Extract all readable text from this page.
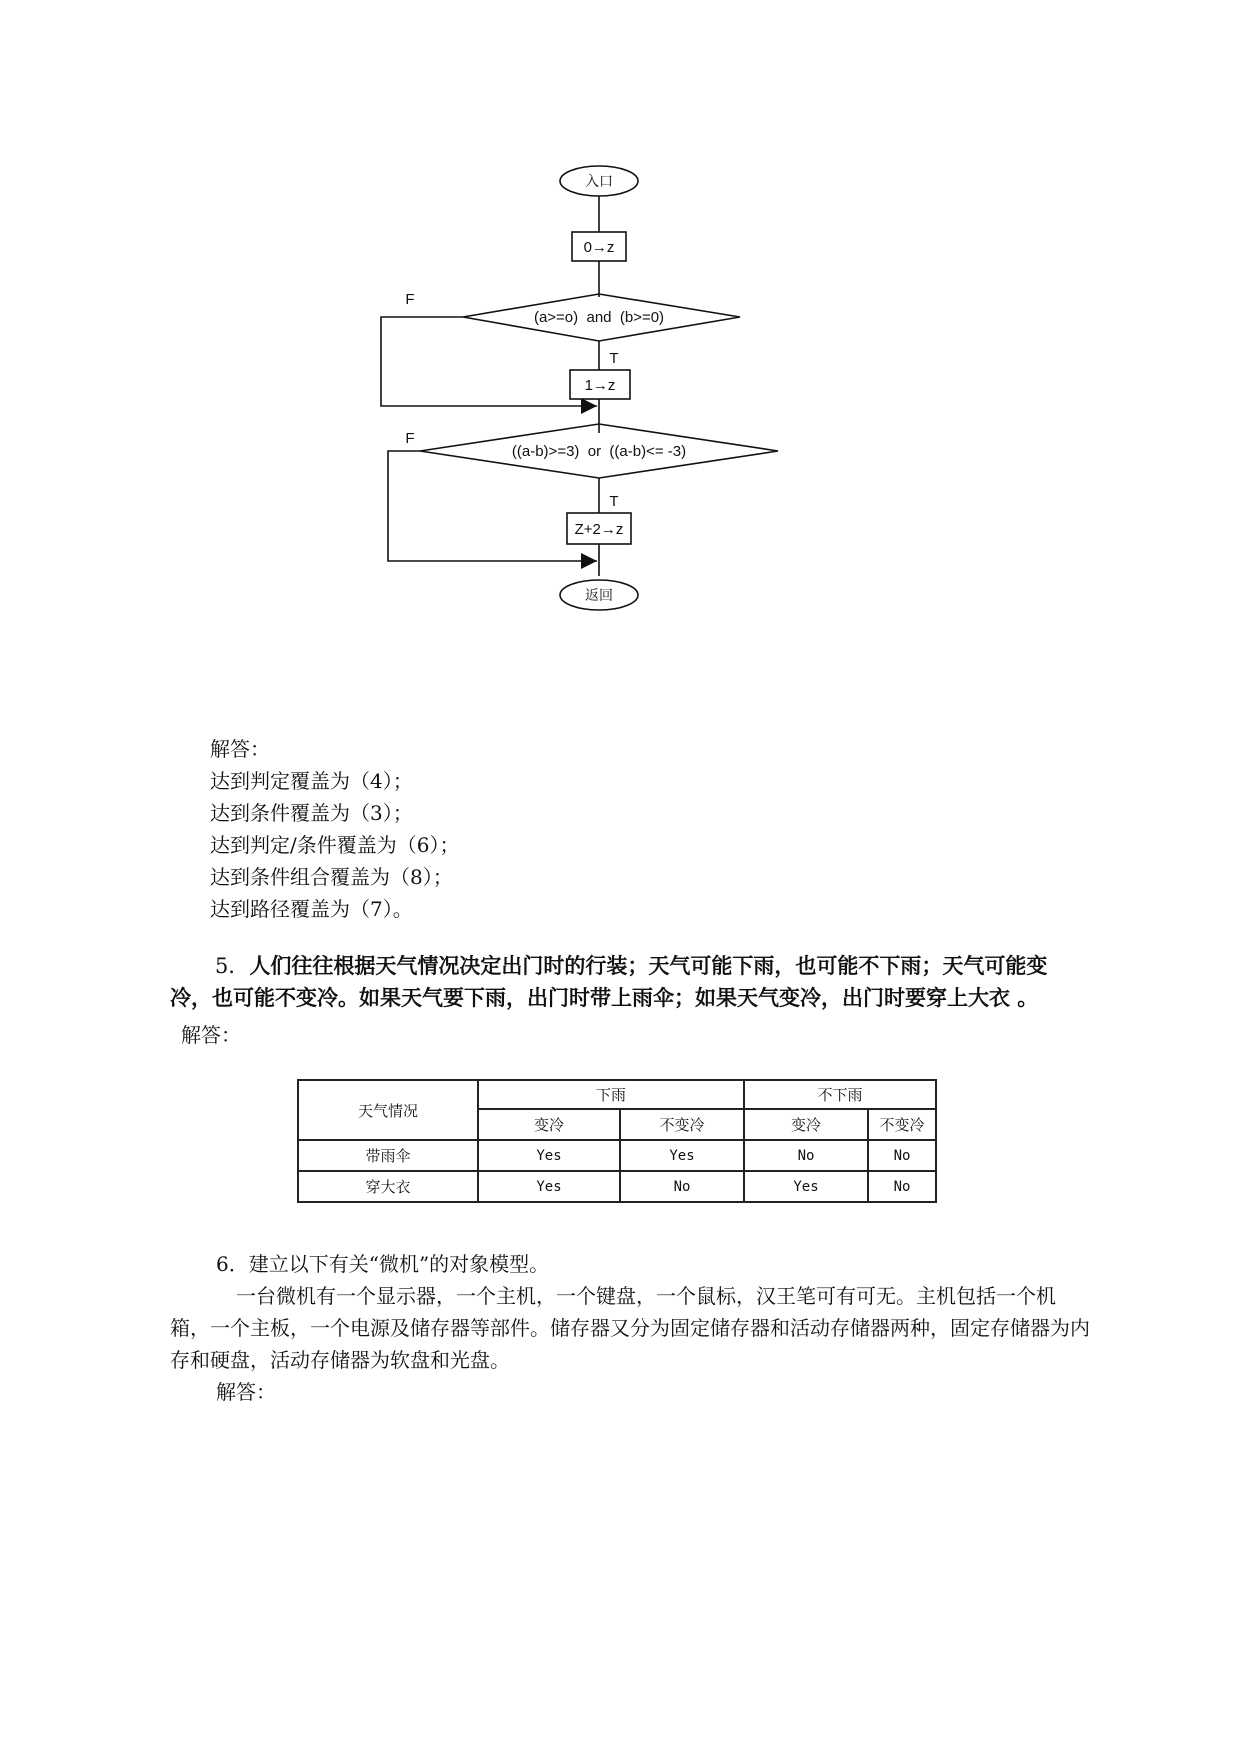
入口
0→z
(a>=o)  and  (b>=0)
F
T
1→z
((a-b)>=3)  or  ((a-b)<= -3)
F
T
Z+2→z
返回
解答：
达到判定覆盖为（4）；
达到条件覆盖为（3）；
达到判定/条件覆盖为（6）；
达到条件组合覆盖为（8）；
达到路径覆盖为（7）。
5．人们往往根据天气情况决定出门时的行装；天气可能下雨，也可能不下雨；天气可能变冷，也可能不变冷。如果天气要下雨，出门时带上雨伞；如果天气变冷，出门时要穿上大衣 。
解答：
天气情况	下雨		不下雨	
	变冷	不变冷	变冷	不变冷
带雨伞	Yes	Yes	No	No
穿大衣	Yes	No	Yes	No
6．建立以下有关“微机”的对象模型。
一台微机有一个显示器，一个主机，一个键盘，一个鼠标，汉王笔可有可无。主机包括一个机箱，一个主板，一个电源及储存器等部件。储存器又分为固定储存器和活动存储器两种，固定存储器为内存和硬盘，活动存储器为软盘和光盘。
解答：
